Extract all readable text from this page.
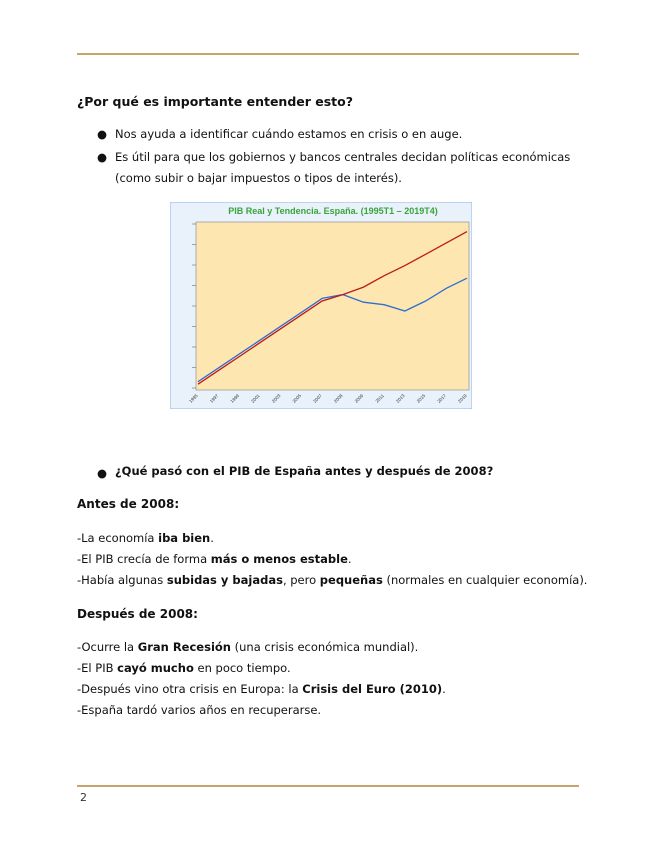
¿Por qué es importante entender esto?
● Nos ayuda a identificar cuándo estamos en crisis o en auge.
● Es útil para que los gobiernos y bancos centrales decidan políticas económicas
(como subir o bajar impuestos o tipos de interés).
PIB Real y Tendencia. España. (1995T1 – 2019T4)
1995 1997 1999 2001 2003 2005 2007 2008 2009 2011 2013 2015 2017 2019
● ¿Qué pasó con el PIB de España antes y después de 2008?
Antes de 2008:
-La economía iba bien.
-El PIB crecía de forma más o menos estable.
-Había algunas subidas y bajadas, pero pequeñas (normales en cualquier economía).
Después de 2008:
-Ocurre la Gran Recesión (una crisis económica mundial).
-El PIB cayó mucho en poco tiempo.
-Después vino otra crisis en Europa: la Crisis del Euro (2010).
-España tardó varios años en recuperarse.
2
